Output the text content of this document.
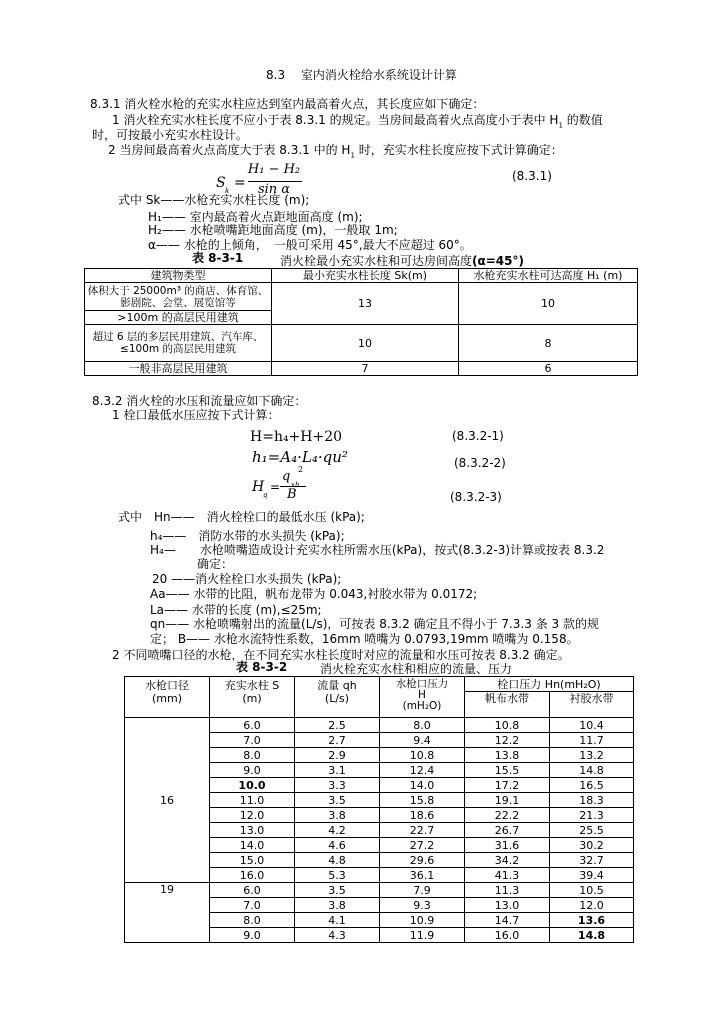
8.3　 室内消火栓给水系统设计计算
8.3.1 消火栓水枪的充实水柱应达到室内最高着火点，其长度应如下确定：
1 消火栓充实水柱长度不应小于表 8.3.1 的规定。当房间最高着火点高度小于表中 $H_1$ 的数值
时，可按最小充实水柱设计。
2 当房间最高着火点高度大于表 8.3.1 中的 $H_1$ 时，充实水柱长度应按下式计算确定：
S k =
H₁ − H₂
sin α
(8.3.1)
式中 Sk——水枪充实水柱长度 (m);
H₁—— 室内最高着火点距地面高度 (m);
H₂—— 水枪喷嘴距地面高度 (m)，一般取 1m;
α—— 水枪的上倾角，　一般可采用 45°,最大不应超过 60°。
表 8-3-1	消火栓最小充实水柱和可达房间高度(α=45°)
建筑物类型	最小充实水柱长度 Sk(m)	水枪充实水柱可达高度 H₁ (m)
体积大于 25000m³ 的商店、体育馆、影剧院、会堂、展览馆等	13	10
>100m 的高层民用建筑		
超过 6 层的多层民用建筑、汽车库、≤100m 的高层民用建筑	10	8
一般非高层民用建筑	7	6
8.3.2 消火栓的水压和流量应如下确定：
1 栓口最低水压应按下式计算：
H=h₄+H+20	(8.3.2-1)
h₁=A₄·L₄·qu²	(8.3.2-2)
H
q
=
2
q
xh
B	(8.3.2-3)
式中　Hn——　消火栓栓口的最低水压 (kPa);
h₄——　消防水带的水头损失 (kPa);
H₄—　　水枪喷嘴造成设计充实水柱所需水压(kPa)，按式(8.3.2-3)计算或按表 8.3.2
确定：
20 ——消火栓栓口水头损失 (kPa);
Aa—— 水带的比阻，帆布龙带为 0.043,衬胶水带为 0.0172;
La—— 水带的长度 (m),≤25m;
qn—— 水枪喷嘴射出的流量(L/s)，可按表 8.3.2 确定且不得小于 7.3.3 条 3 款的规
定； B—— 水枪水流特性系数，16mm 喷嘴为 0.0793,19mm 喷嘴为 0.158。
2 不同喷嘴口径的水枪，在不同充实水柱长度时对应的流量和水压可按表 8.3.2 确定。
表 8-3-2	消火栓充实水柱和相应的流量、压力
水枪口径
(mm)	充实水柱 S
(m)	流量 qh
(L/s)	水枪口压力
H
(mH₂O)	栓口压力 Hn(mH₂O)	
				帆布水带	衬胶水带
16	6.0	2.5	8.0	10.8	10.4
	7.0	2.7	9.4	12.2	11.7
	8.0	2.9	10.8	13.8	13.2
	9.0	3.1	12.4	15.5	14.8
	10.0	3.3	14.0	17.2	16.5
	11.0	3.5	15.8	19.1	18.3
	12.0	3.8	18.6	22.2	21.3
	13.0	4.2	22.7	26.7	25.5
	14.0	4.6	27.2	31.6	30.2
	15.0	4.8	29.6	34.2	32.7
	16.0	5.3	36.1	41.3	39.4
19	6.0	3.5	7.9	11.3	10.5
	7.0	3.8	9.3	13.0	12.0
	8.0	4.1	10.9	14.7	13.6
	9.0	4.3	11.9	16.0	14.8
